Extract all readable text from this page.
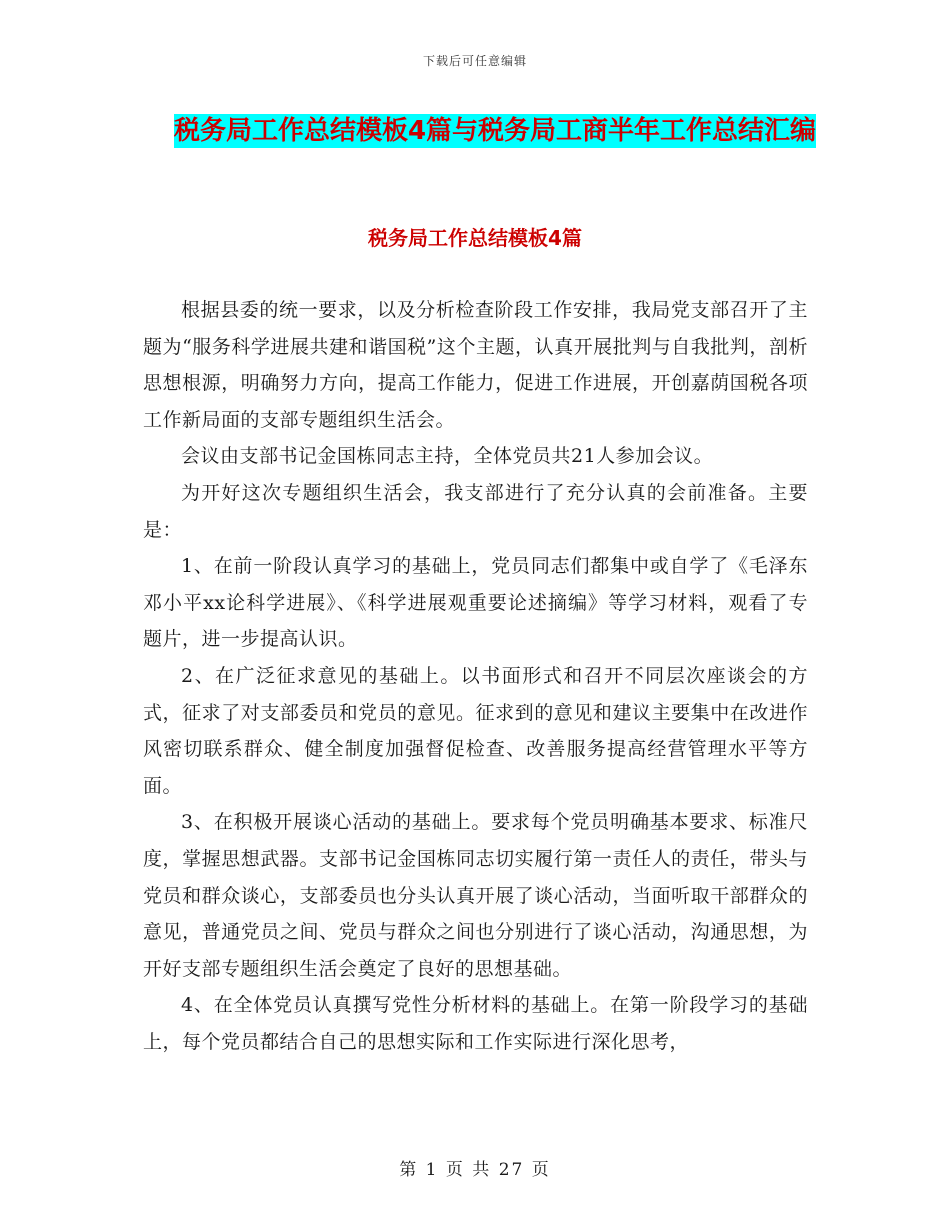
下载后可任意编辑
税务局工作总结模板4篇与税务局工商半年工作总结汇编
税务局工作总结模板4篇

根据县委的统一要求，以及分析检查阶段工作安排，我局党支部召开了主题为“服务科学进展共建和谐国税”这个主题，认真开展批判与自我批判，剖析思想根源，明确努力方向，提高工作能力，促进工作进展，开创嘉荫国税各项工作新局面的支部专题组织生活会。

会议由支部书记金国栋同志主持，全体党员共21人参加会议。

为开好这次专题组织生活会，我支部进行了充分认真的会前准备。主要是：

1、在前一阶段认真学习的基础上，党员同志们都集中或自学了《毛泽东邓小平xx论科学进展》、《科学进展观重要论述摘编》等学习材料，观看了专题片，进一步提高认识。

2、在广泛征求意见的基础上。以书面形式和召开不同层次座谈会的方式，征求了对支部委员和党员的意见。征求到的意见和建议主要集中在改进作风密切联系群众、健全制度加强督促检查、改善服务提高经营管理水平等方面。

3、在积极开展谈心活动的基础上。要求每个党员明确基本要求、标准尺度，掌握思想武器。支部书记金国栋同志切实履行第一责任人的责任，带头与党员和群众谈心，支部委员也分头认真开展了谈心活动，当面听取干部群众的意见，普通党员之间、党员与群众之间也分别进行了谈心活动，沟通思想，为开好支部专题组织生活会奠定了良好的思想基础。

4、在全体党员认真撰写党性分析材料的基础上。在第一阶段学习的基础上，每个党员都结合自己的思想实际和工作实际进行深化思考，

第 1 页 共 27 页
